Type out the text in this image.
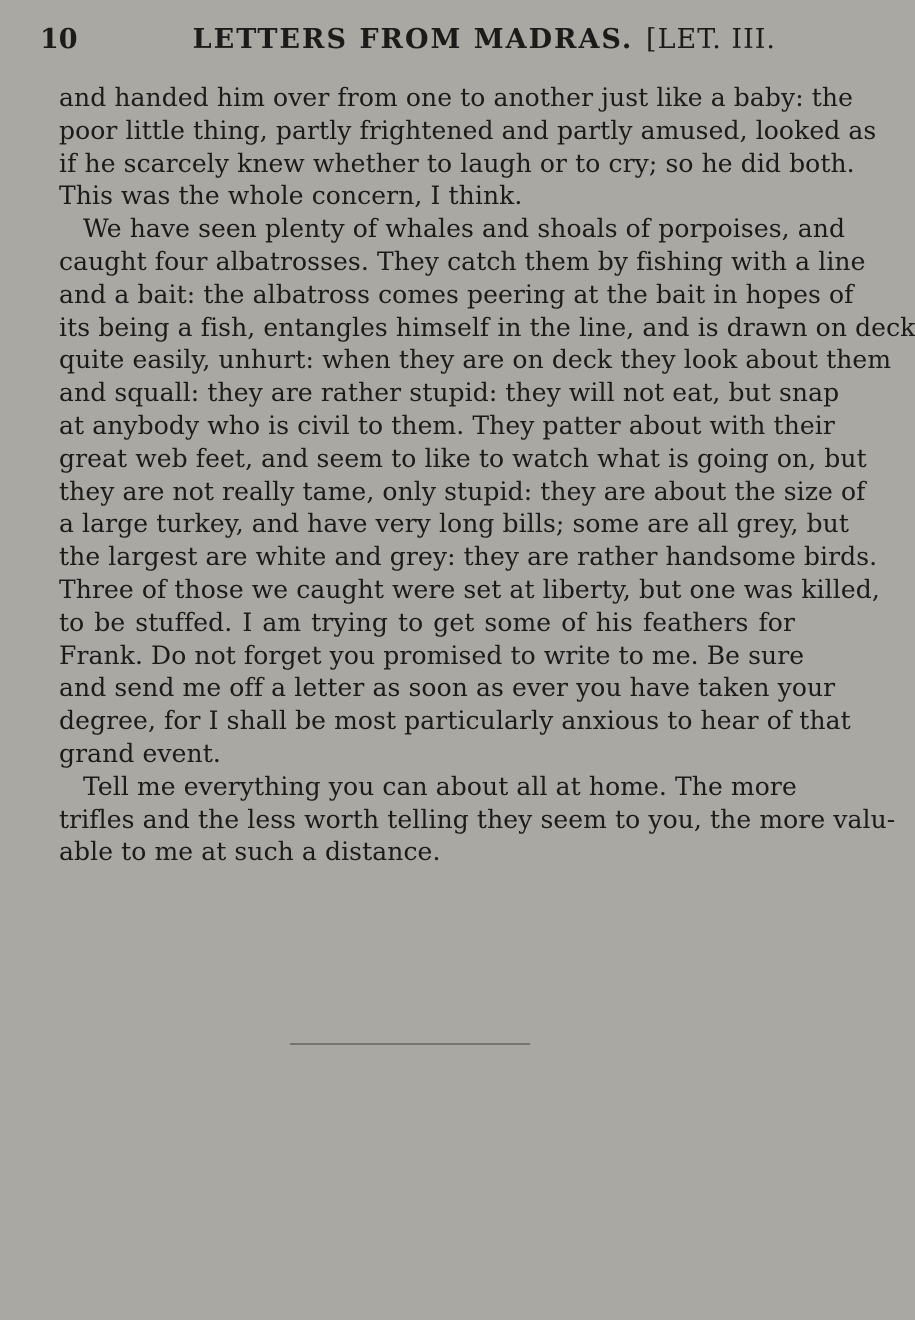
10	LETTERS FROM MADRAS. [LET. III.
and handed him over from one to another just like a baby: the
poor little thing, partly frightened and partly amused, looked as
if he scarcely knew whether to laugh or to cry; so he did both.
This was the whole concern, I think.
We have seen plenty of whales and shoals of porpoises, and
caught four albatrosses. They catch them by fishing with a line
and a bait: the albatross comes peering at the bait in hopes of
its being a fish, entangles himself in the line, and is drawn on deck
quite easily, unhurt: when they are on deck they look about them
and squall: they are rather stupid: they will not eat, but snap
at anybody who is civil to them. They patter about with their
great web feet, and seem to like to watch what is going on, but
they are not really tame, only stupid: they are about the size of
a large turkey, and have very long bills; some are all grey, but
the largest are white and grey: they are rather handsome birds.
Three of those we caught were set at liberty, but one was killed,
to be stuffed. I am trying to get some of his feathers for
Frank. Do not forget you promised to write to me. Be sure
and send me off a letter as soon as ever you have taken your
degree, for I shall be most particularly anxious to hear of that
grand event.
Tell me everything you can about all at home. The more
trifles and the less worth telling they seem to you, the more valu-
able to me at such a distance.
